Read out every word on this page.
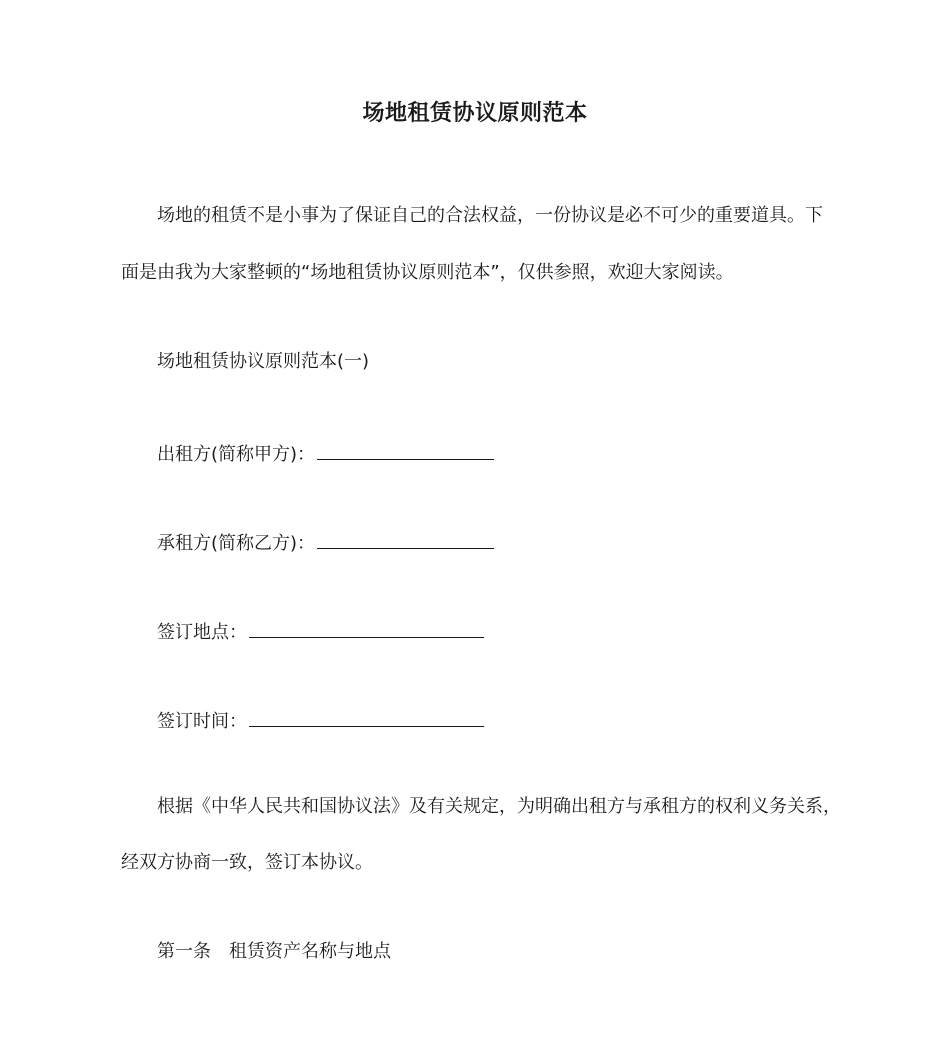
场地租赁协议原则范本
场地的租赁不是小事为了保证自己的合法权益，一份协议是必不可少的重要道具。下
面是由我为大家整顿的“场地租赁协议原则范本”，仅供参照，欢迎大家阅读。
场地租赁协议原则范本(一)
出租方(简称甲方)：
承租方(简称乙方)：
签订地点：
签订时间：
根据《中华人民共和国协议法》及有关规定，为明确出租方与承租方的权利义务关系，
经双方协商一致，签订本协议。
第一条　租赁资产名称与地点
